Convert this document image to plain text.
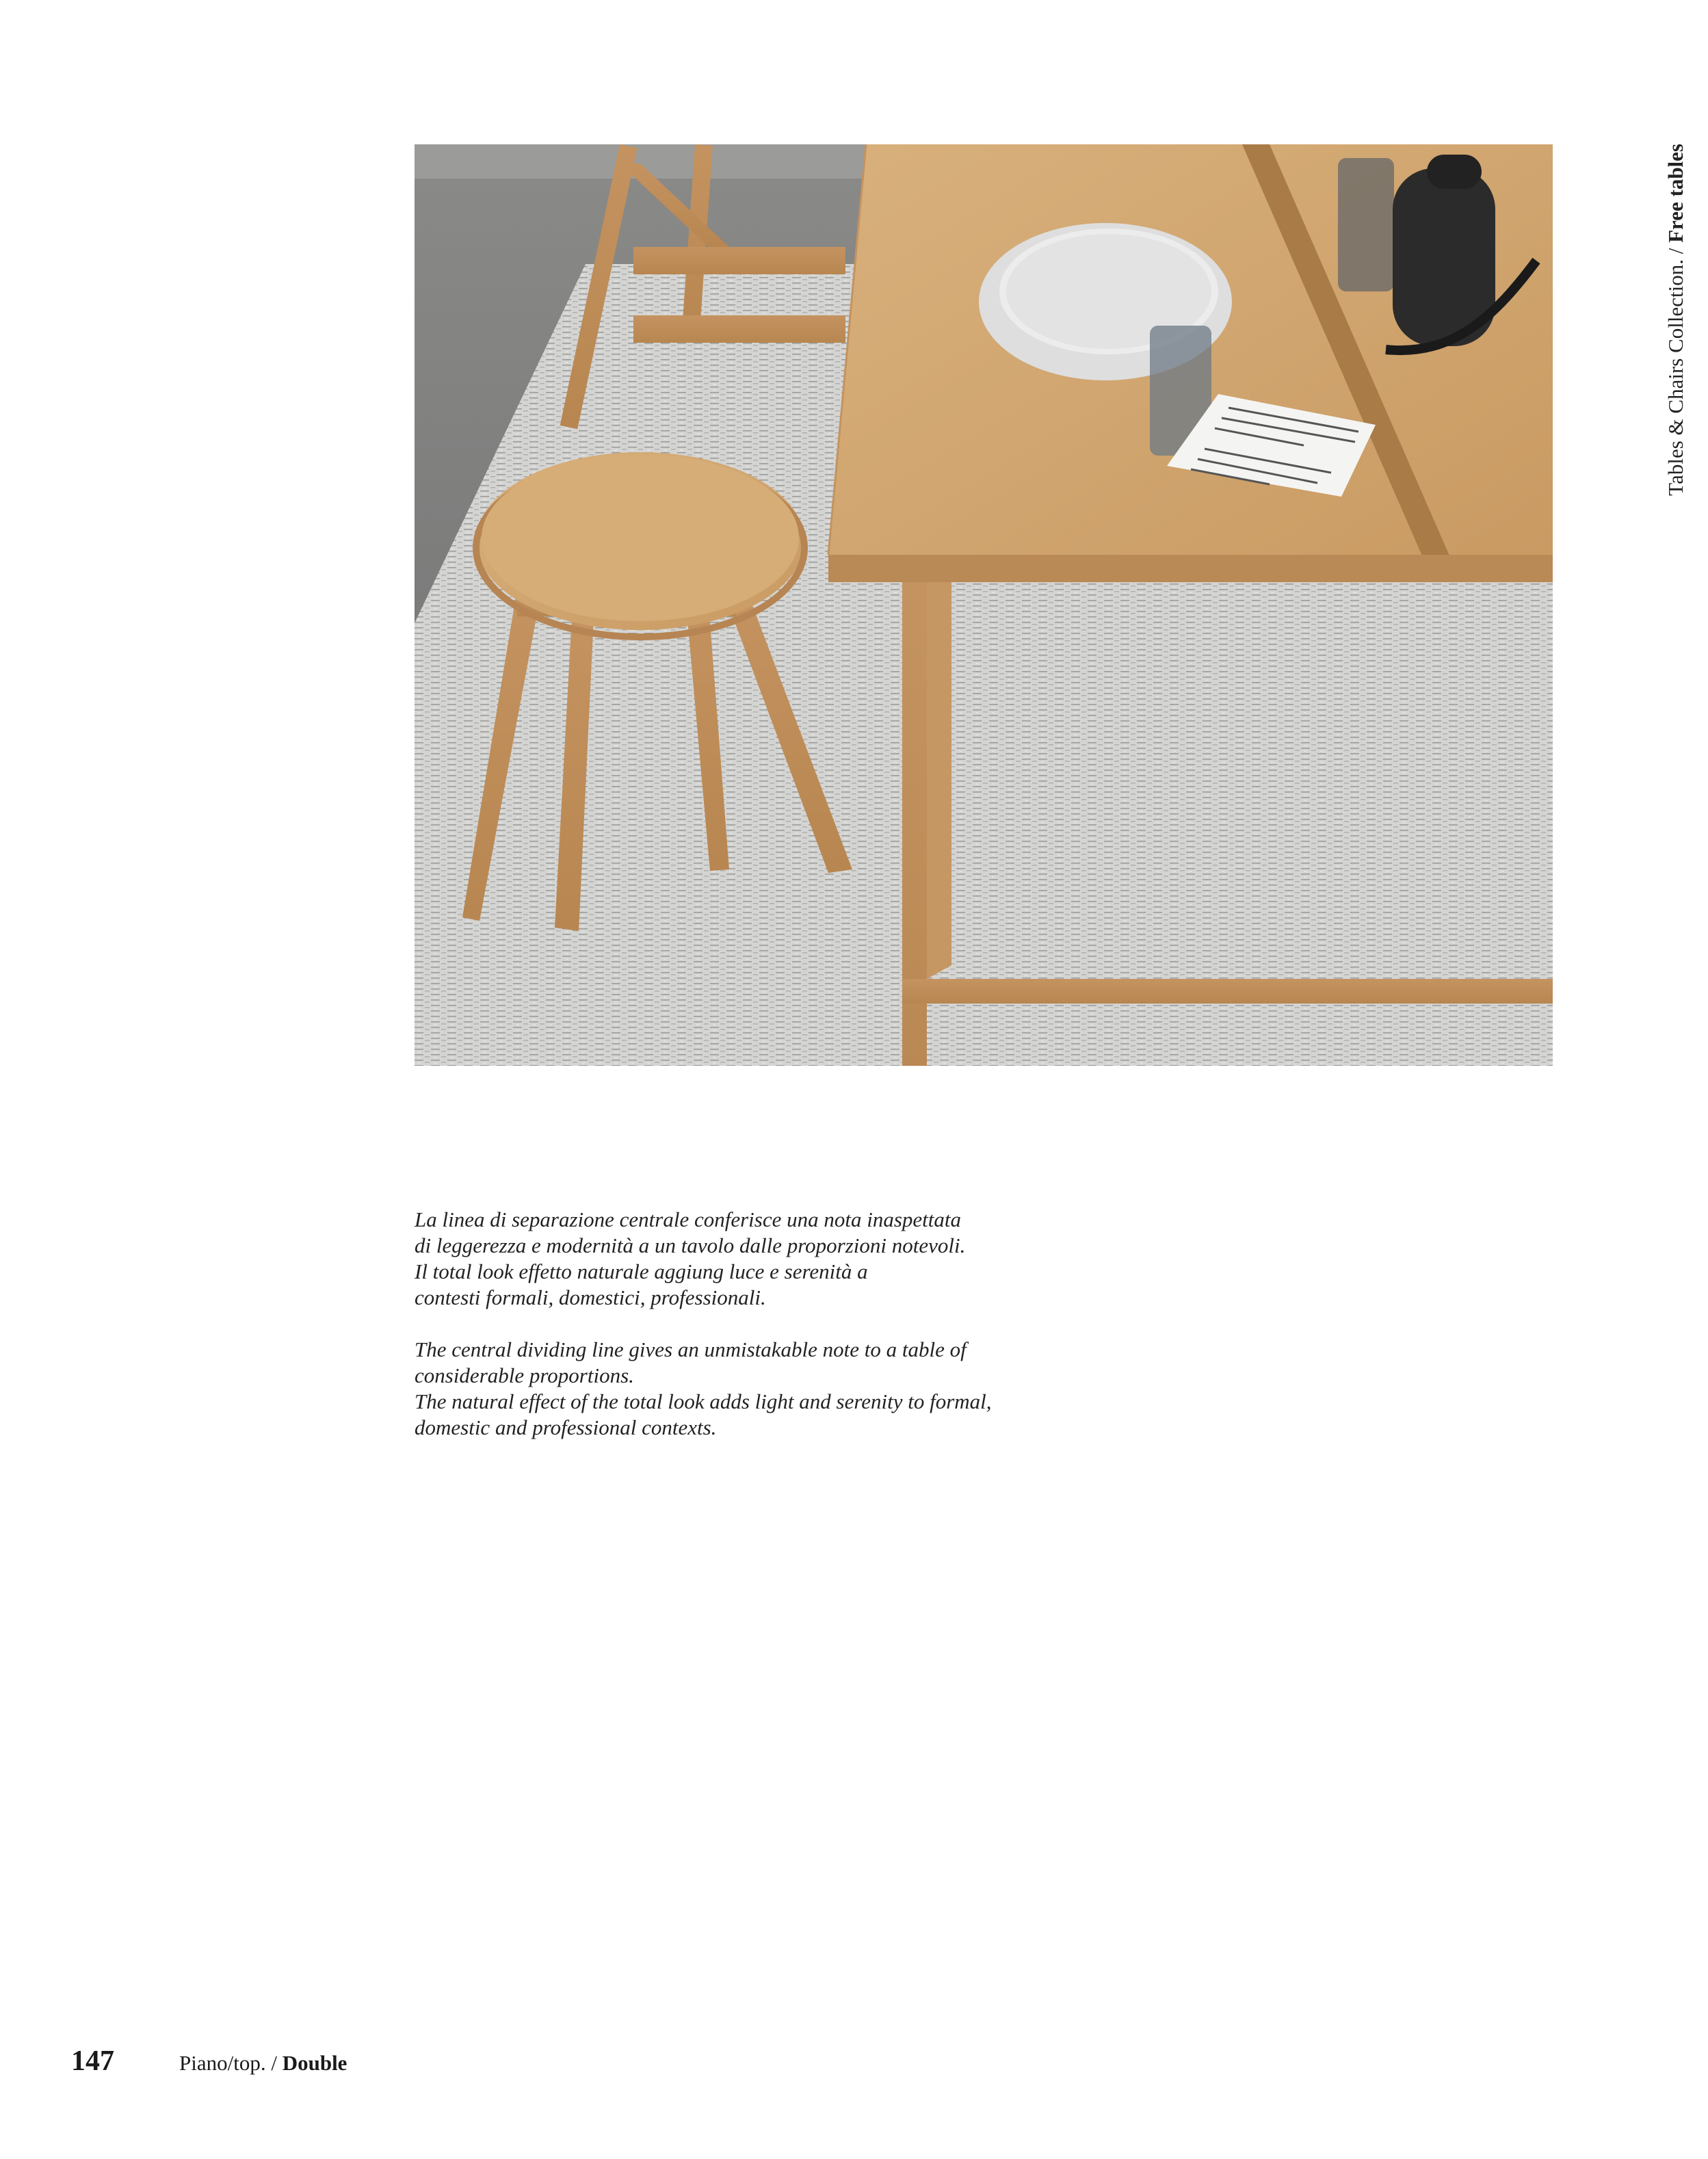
Tables & Chairs Collection. / Free tables

La linea di separazione centrale conferisce una nota inaspettata

di leggerezza e modernità a un tavolo dalle proporzioni notevoli.

Il total look effetto naturale aggiung luce e serenità a

contesti formali, domestici, professionali.

The central dividing line gives an unmistakable note to a table of

considerable proportions.

The natural effect of the total look adds light and serenity to formal,

domestic and professional contexts.

147	Piano/top. / Double
